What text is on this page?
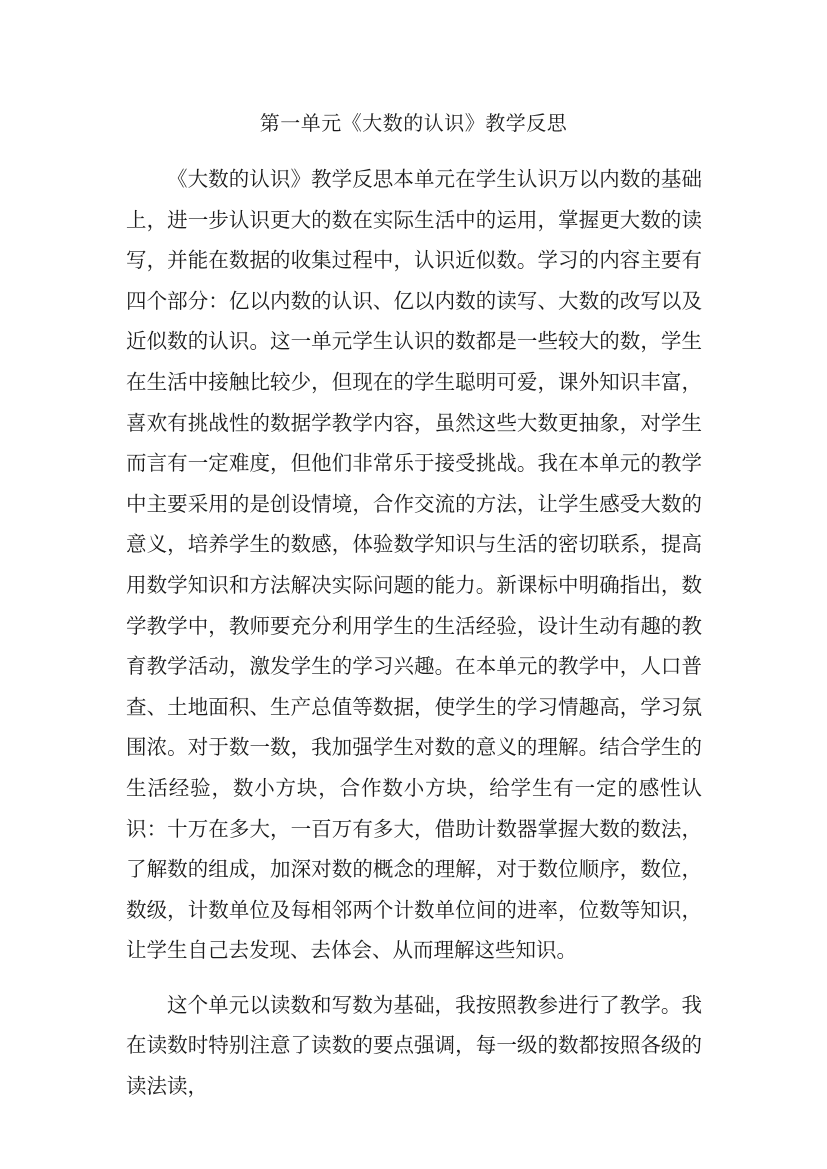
第一单元《大数的认识》教学反思

《大数的认识》教学反思本单元在学生认识万以内数的基础上，进一步认识更大的数在实际生活中的运用，掌握更大数的读写，并能在数据的收集过程中，认识近似数。学习的内容主要有四个部分：亿以内数的认识、亿以内数的读写、大数的改写以及近似数的认识。这一单元学生认识的数都是一些较大的数，学生在生活中接触比较少，但现在的学生聪明可爱，课外知识丰富，喜欢有挑战性的数据学教学内容，虽然这些大数更抽象，对学生而言有一定难度，但他们非常乐于接受挑战。我在本单元的教学中主要采用的是创设情境，合作交流的方法，让学生感受大数的意义，培养学生的数感，体验数学知识与生活的密切联系，提高用数学知识和方法解决实际问题的能力。新课标中明确指出，数学教学中，教师要充分利用学生的生活经验，设计生动有趣的教育教学活动，激发学生的学习兴趣。在本单元的教学中，人口普查、土地面积、生产总值等数据，使学生的学习情趣高，学习氛围浓。对于数一数，我加强学生对数的意义的理解。结合学生的生活经验，数小方块，合作数小方块，给学生有一定的感性认识：十万在多大，一百万有多大，借助计数器掌握大数的数法，了解数的组成，加深对数的概念的理解，对于数位顺序，数位，数级，计数单位及每相邻两个计数单位间的进率，位数等知识，让学生自己去发现、去体会、从而理解这些知识。

这个单元以读数和写数为基础，我按照教参进行了教学。我在读数时特别注意了读数的要点强调，每一级的数都按照各级的读法读，
